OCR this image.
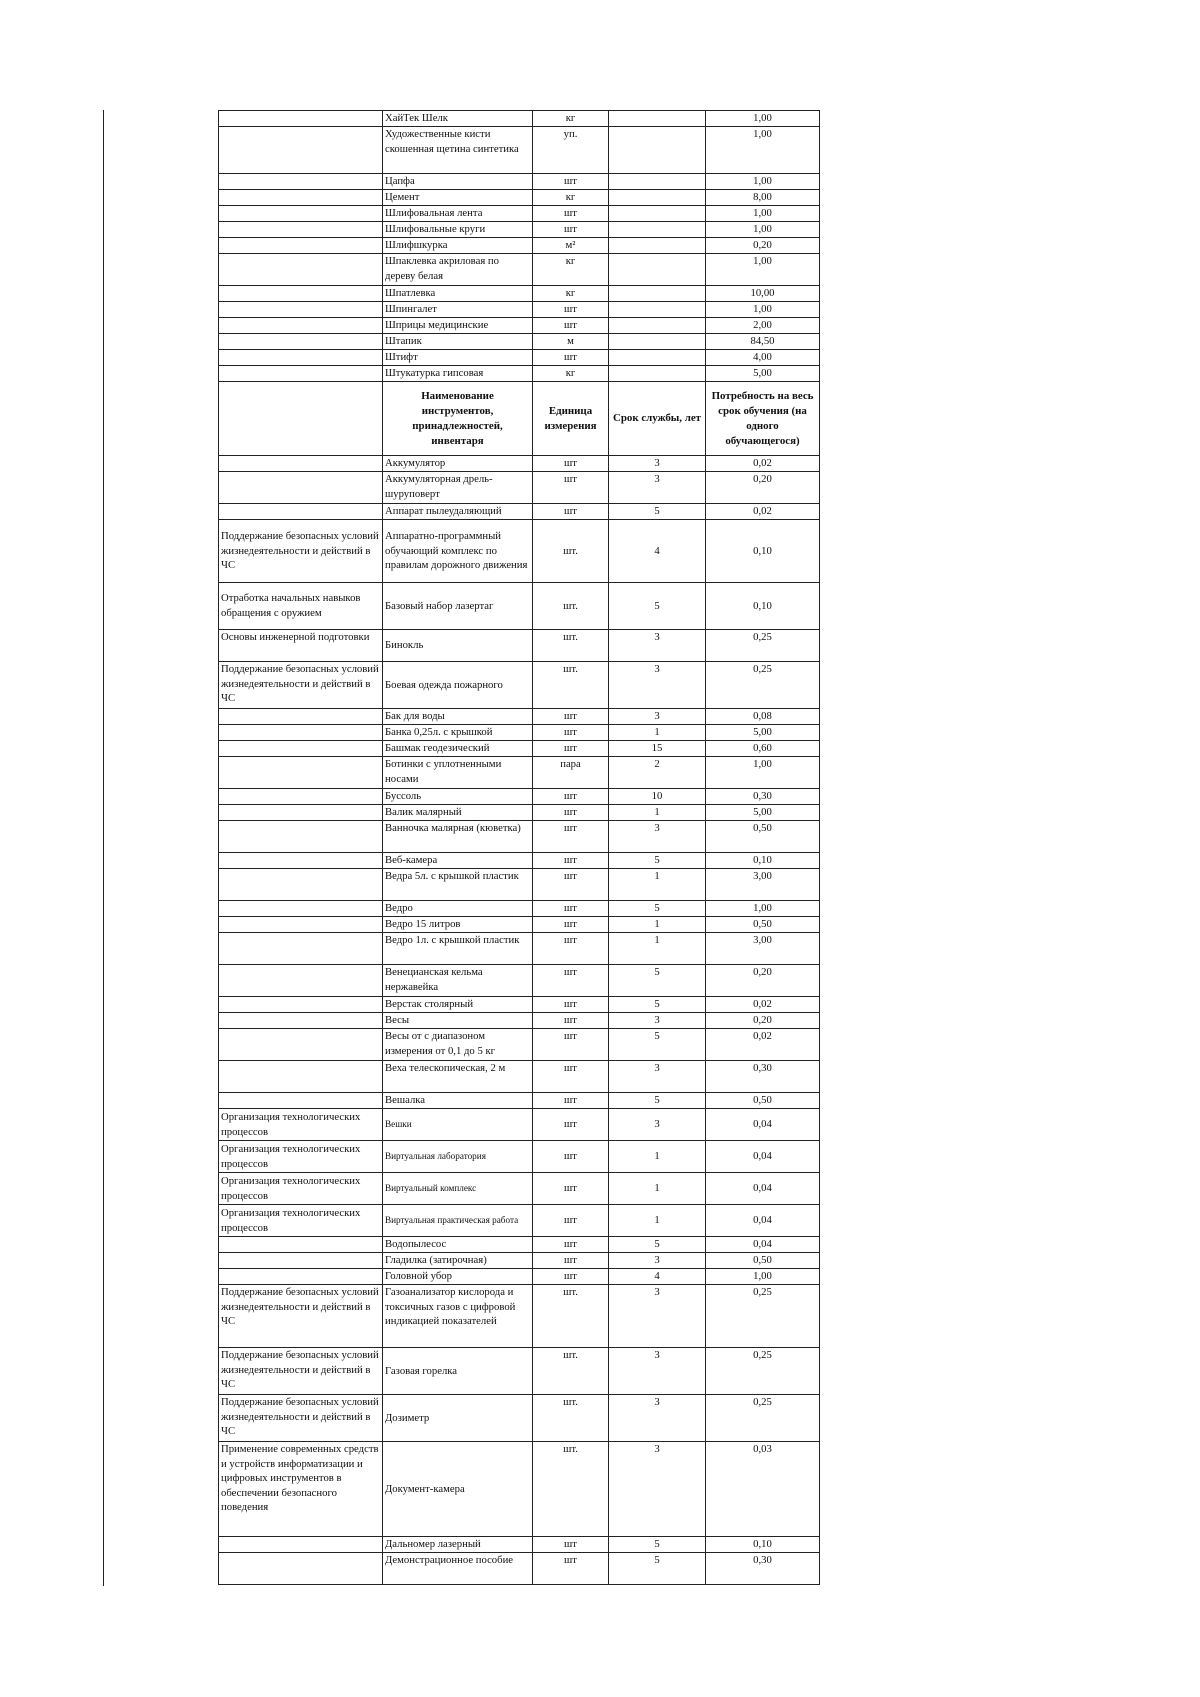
	ХайТек Шелк	кг		1,00
	Художественные кисти скошенная щетина синтетика	уп.		1,00
	Цапфа	шт		1,00
	Цемент	кг		8,00
	Шлифовальная лента	шт		1,00
	Шлифовальные круги	шт		1,00
	Шлифшкурка	м²		0,20
	Шпаклевка акриловая по дереву белая	кг		1,00
	Шпатлевка	кг		10,00
	Шпингалет	шт		1,00
	Шприцы медицинские	шт		2,00
	Штапик	м		84,50
	Штифт	шт		4,00
	Штукатурка гипсовая	кг		5,00
	Наименование инструментов, принадлежностей, инвентаря	Единица измерения	Срок службы, лет	Потребность на весь срок обучения (на одного обучающегося)
	Аккумулятор	шт	3	0,02
	Аккумуляторная дрель-шуруповерт	шт	3	0,20
	Аппарат пылеудаляющий	шт	5	0,02
Поддержание безопасных условий жизнедеятельности и действий в ЧС	Аппаратно-программный обучающий комплекс по правилам дорожного движения	шт.	4	0,10
Отработка начальных навыков обращения с оружием	Базовый набор лазертаг	шт.	5	0,10
Основы инженерной подготовки	Бинокль	шт.	3	0,25
Поддержание безопасных условий жизнедеятельности и действий в ЧС	Боевая одежда пожарного	шт.	3	0,25
	Бак для воды	шт	3	0,08
	Банка 0,25л. с крышкой	шт	1	5,00
	Башмак геодезический	шт	15	0,60
	Ботинки с уплотненными носами	пара	2	1,00
	Буссоль	шт	10	0,30
	Валик малярный	шт	1	5,00
	Ванночка малярная (кюветка)	шт	3	0,50
	Веб-камера	шт	5	0,10
	Ведра 5л. с крышкой пластик	шт	1	3,00
	Ведро	шт	5	1,00
	Ведро 15 литров	шт	1	0,50
	Ведро 1л. с крышкой пластик	шт	1	3,00
	Венецианская кельма нержавейка	шт	5	0,20
	Верстак столярный	шт	5	0,02
	Весы	шт	3	0,20
	Весы от с диапазоном измерения от 0,1 до 5 кг	шт	5	0,02
	Веха телескопическая, 2 м	шт	3	0,30
	Вешалка	шт	5	0,50
Организация технологических процессов	Вешки	шт	3	0,04
Организация технологических процессов	Виртуальная лаборатория	шт	1	0,04
Организация технологических процессов	Виртуальный комплекс	шт	1	0,04
Организация технологических процессов	Виртуальная практическая работа	шт	1	0,04
	Водопылесос	шт	5	0,04
	Гладилка (затирочная)	шт	3	0,50
	Головной убор	шт	4	1,00
Поддержание безопасных условий жизнедеятельности и действий в ЧС	Газоанализатор кислорода и токсичных газов с цифровой индикацией показателей	шт.	3	0,25
Поддержание безопасных условий жизнедеятельности и действий в ЧС	Газовая горелка	шт.	3	0,25
Поддержание безопасных условий жизнедеятельности и действий в ЧС	Дозиметр	шт.	3	0,25
Применение современных средств и устройств информатизации и цифровых инструментов в обеспечении безопасного поведения	Документ-камера	шт.	3	0,03
	Дальномер лазерный	шт	5	0,10
	Демонстрационное пособие	шт	5	0,30
